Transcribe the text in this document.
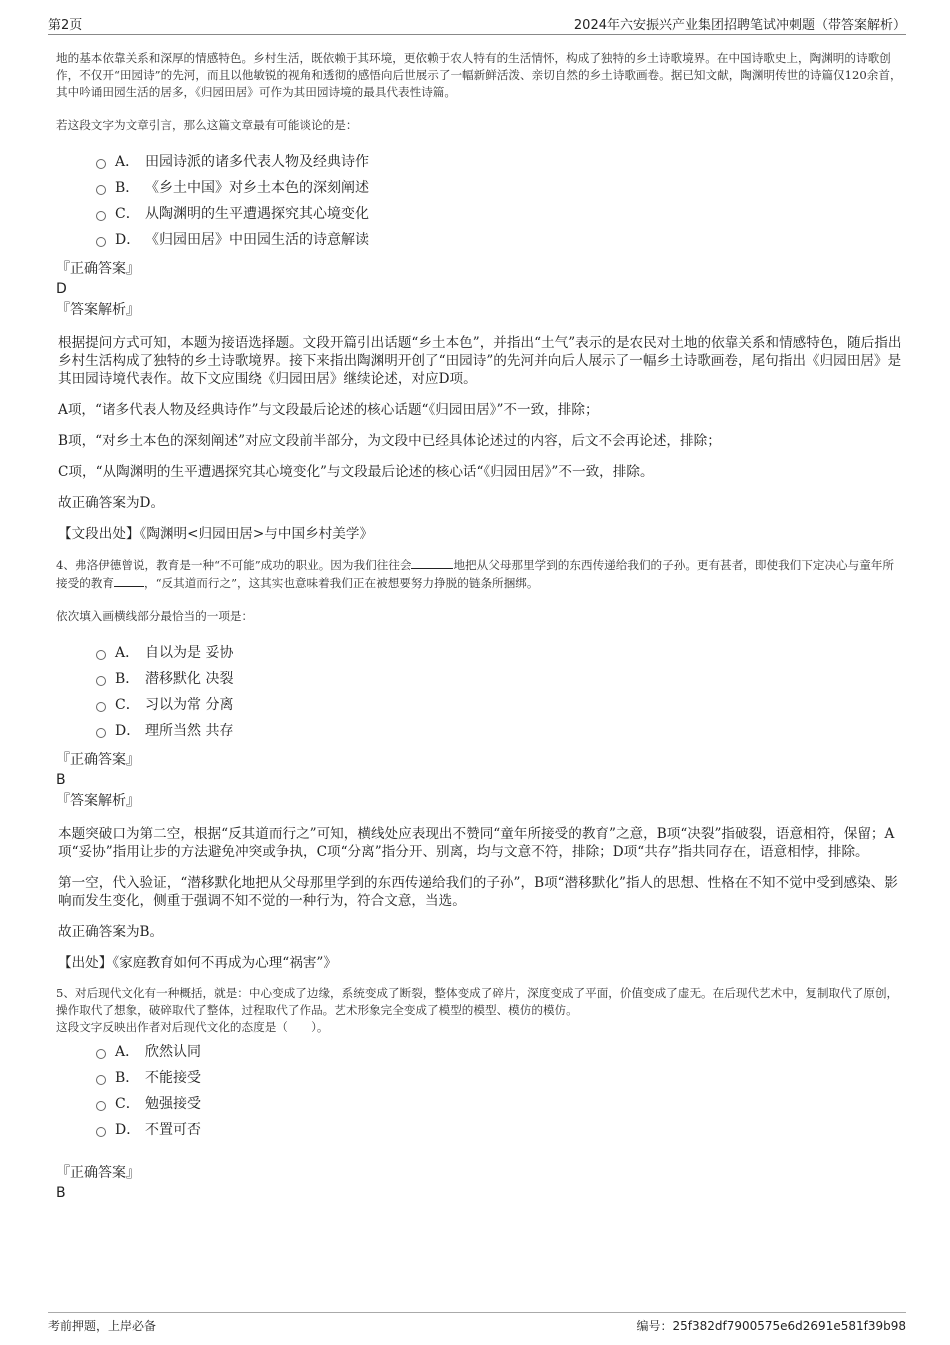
第2页	2024年六安振兴产业集团招聘笔试冲刺题（带答案解析）

地的基本依靠关系和深厚的情感特色。乡村生活，既依赖于其环境，更依赖于农人特有的生活情怀，构成了独特的乡土诗歌境界。在中国诗歌史上，陶渊明的诗歌创作，不仅开“田园诗”的先河，而且以他敏锐的视角和透彻的感悟向后世展示了一幅新鲜活泼、亲切自然的乡土诗歌画卷。据已知文献，陶渊明传世的诗篇仅120余首，其中吟诵田园生活的居多，《归园田居》可作为其田园诗境的最具代表性诗篇。

若这段文字为文章引言，那么这篇文章最有可能谈论的是：
A． 田园诗派的诸多代表人物及经典诗作
B． 《乡土中国》对乡土本色的深刻阐述
C． 从陶渊明的生平遭遇探究其心境变化
D． 《归园田居》中田园生活的诗意解读
『正确答案』
D
『答案解析』

根据提问方式可知，本题为接语选择题。文段开篇引出话题“乡土本色”，并指出“土气”表示的是农民对土地的依靠关系和情感特色，随后指出乡村生活构成了独特的乡土诗歌境界。接下来指出陶渊明开创了“田园诗”的先河并向后人展示了一幅乡土诗歌画卷，尾句指出《归园田居》是其田园诗境代表作。故下文应围绕《归园田居》继续论述，对应D项。

A项，“诸多代表人物及经典诗作”与文段最后论述的核心话题“《归园田居》”不一致，排除；

B项，“对乡土本色的深刻阐述”对应文段前半部分，为文段中已经具体论述过的内容，后文不会再论述，排除；

C项，“从陶渊明的生平遭遇探究其心境变化”与文段最后论述的核心话“《归园田居》”不一致，排除。

故正确答案为D。

【文段出处】《陶渊明<归园田居>与中国乡村美学》

4、弗洛伊德曾说，教育是一种“不可能”成功的职业。因为我们往往会	地把从父母那里学到的东西传递给我们的子孙。更有甚者，即使我们下定决心与童年所接受的教育	，“反其道而行之”，这其实也意味着我们正在被想要努力挣脱的链条所捆绑。

依次填入画横线部分最恰当的一项是：
A． 自以为是 妥协
B． 潜移默化 决裂
C． 习以为常 分离
D． 理所当然 共存
『正确答案』
B
『答案解析』

本题突破口为第二空，根据“反其道而行之”可知，横线处应表现出不赞同“童年所接受的教育”之意，B项“决裂”指破裂，语意相符，保留；A项“妥协”指用让步的方法避免冲突或争执，C项“分离”指分开、别离，均与文意不符，排除；D项“共存”指共同存在，语意相悖，排除。

第一空，代入验证，“潜移默化地把从父母那里学到的东西传递给我们的子孙”，B项“潜移默化”指人的思想、性格在不知不觉中受到感染、影响而发生变化，侧重于强调不知不觉的一种行为，符合文意，当选。

故正确答案为B。

【出处】《家庭教育如何不再成为心理“祸害”》

5、对后现代文化有一种概括，就是：中心变成了边缘，系统变成了断裂，整体变成了碎片，深度变成了平面，价值变成了虚无。在后现代艺术中，复制取代了原创，操作取代了想象，破碎取代了整体，过程取代了作品。艺术形象完全变成了模型的模型、模仿的模仿。

这段文字反映出作者对后现代文化的态度是（　　）。
A． 欣然认同
B． 不能接受
C． 勉强接受
D． 不置可否
『正确答案』
B
考前押题，上岸必备	编号：25f382df7900575e6d2691e581f39b98
